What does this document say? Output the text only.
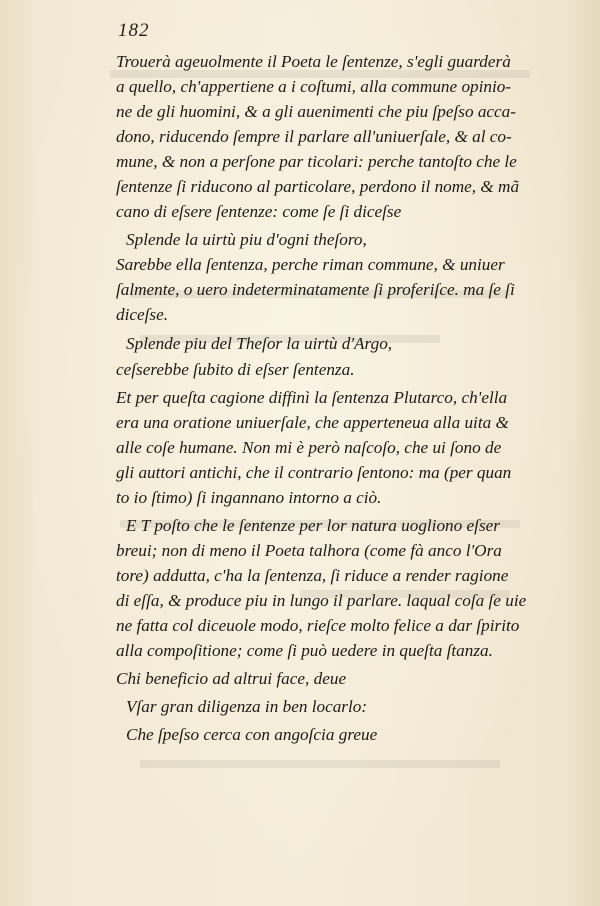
182
Trouerà ageuolmente il Poeta le ſentenze, s'egli guarderà
a quello, ch'appertiene a i coſtumi, alla commune opinio-
ne de gli huomini, & a gli auenimenti che piu ſpeſso acca-
dono, riducendo ſempre il parlare all'uniuerſale, & al co-
mune, & non a perſone par ticolari: perche tantoſto che le
ſentenze ſi riducono al particolare, perdono il nome, & mã
cano di eſsere ſentenze: come ſe ſi diceſse
Splende la uirtù piu d'ogni theſoro,
Sarebbe ella ſentenza, perche riman commune, & uniuer
ſalmente, o uero indeterminatamente ſi proferiſce. ma ſe ſi
diceſse.
Splende piu del Theſor la uirtù d'Argo,
ceſserebbe ſubito di eſser ſentenza.
Et per queſta cagione diffinì la ſentenza Plutarco, ch'ella
era una oratione uniuerſale, che apperteneua alla uita &
alle coſe humane. Non mi è però naſcoſo, che ui ſono de
gli auttori antichi, che il contrario ſentono: ma (per quan
to io ſtimo) ſi ingannano intorno a ciò.
E T poſto che le ſentenze per lor natura uogliono eſser
breui; non di meno il Poeta talhora (come fà anco l'Ora
tore) addutta, c'ha la ſentenza, ſi riduce a render ragione
di eſſa, & produce piu in lungo il parlare. laqual coſa ſe uie
ne fatta col diceuole modo, rieſce molto felice a dar ſpirito
alla compoſitione; come ſi può uedere in queſta ſtanza.
Chi beneficio ad altrui face, deue
Vſar gran diligenza in ben locarlo:
Che ſpeſso cerca con angoſcia greue
